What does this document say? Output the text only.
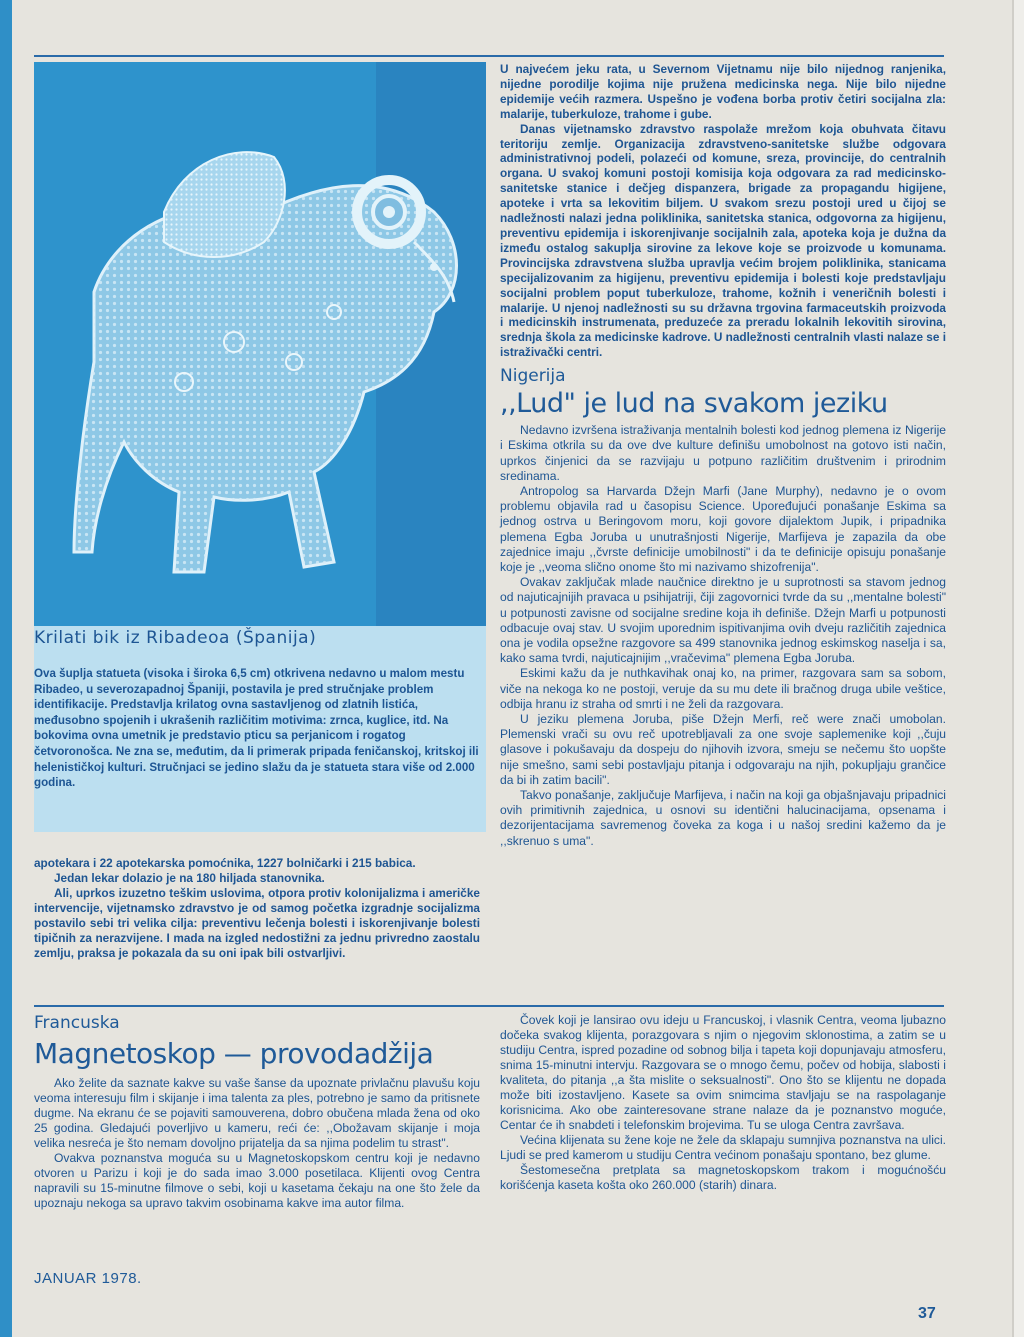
Krilati bik iz Ribadeoa (Španija)
Ova šuplja statueta (visoka i široka 6,5 cm) otkrivena nedavno u malom mestu Ribadeo, u severozapadnoj Španiji, postavila je pred stručnjake problem identifikacije. Predstavlja krilatog ovna sastavljenog od zlatnih listića, međusobno spojenih i ukrašenih različitim motivima: zrnca, kuglice, itd. Na bokovima ovna umetnik je predstavio pticu sa perjanicom i rogatog četvoronošca. Ne zna se, međutim, da li primerak pripada feničanskoj, kritskoj ili helenističkoj kulturi. Stručnjaci se jedino slažu da je statueta stara više od 2.000 godina.

U najvećem jeku rata, u Severnom Vijetnamu nije bilo nijednog ranjenika, nijedne porodilje kojima nije pružena medicinska nega. Nije bilo nijedne epidemije većih razmera. Uspešno je vođena borba protiv četiri socijalna zla: malarije, tuberkuloze, trahome i gube.

Danas vijetnamsko zdravstvo raspolaže mrežom koja obuhvata čitavu teritoriju zemlje. Organizacija zdravstveno-sanitetske službe odgovara administrativnoj podeli, polazeći od komune, sreza, provincije, do centralnih organa. U svakoj komuni postoji komisija koja odgovara za rad medicinsko-sanitetske stanice i dečjeg dispanzera, brigade za propagandu higijene, apoteke i vrta sa lekovitim biljem. U svakom srezu postoji ured u čijoj se nadležnosti nalazi jedna poliklinika, sanitetska stanica, odgovorna za higijenu, preventivu epidemija i iskorenjivanje socijalnih zala, apoteka koja je dužna da između ostalog sakuplja sirovine za lekove koje se proizvode u komunama. Provincijska zdravstvena služba upravlja većim brojem poliklinika, stanicama specijalizovanim za higijenu, preventivu epidemija i bolesti koje predstavljaju socijalni problem poput tuberkuloze, trahome, kožnih i veneričnih bolesti i malarije. U njenoj nadležnosti su su državna trgovina farmaceutskih proizvoda i medicinskih instrumenata, preduzeće za preradu lokalnih lekovitih sirovina, srednja škola za medicinske kadrove. U nadležnosti centralnih vlasti nalaze se i istraživački centri.

Nigerija
,,Lud" je lud na svakom jeziku

Nedavno izvršena istraživanja mentalnih bolesti kod jednog plemena iz Nigerije i Eskima otkrila su da ove dve kulture definišu umobolnost na gotovo isti način, uprkos činjenici da se razvijaju u potpuno različitim društvenim i prirodnim sredinama.

Antropolog sa Harvarda Džejn Marfi (Jane Murphy), nedavno je o ovom problemu objavila rad u časopisu Science. Upoređujući ponašanje Eskima sa jednog ostrva u Beringovom moru, koji govore dijalektom Jupik, i pripadnika plemena Egba Joruba u unutrašnjosti Nigerije, Marfijeva je zapazila da obe zajednice imaju ,,čvrste definicije umobilnosti" i da te definicije opisuju ponašanje koje je ,,veoma slično onome što mi nazivamo shizofrenija".

Ovakav zaključak mlade naučnice direktno je u suprotnosti sa stavom jednog od najuticajnijih pravaca u psihijatriji, čiji zagovornici tvrde da su ,,mentalne bolesti" u potpunosti zavisne od socijalne sredine koja ih definiše. Džejn Marfi u potpunosti odbacuje ovaj stav. U svojim uporednim ispitivanjima ovih dveju različitih zajednica ona je vodila opsežne razgovore sa 499 stanovnika jednog eskimskog naselja i sa, kako sama tvrdi, najuticajnijim ,,vračevima" plemena Egba Joruba.

Eskimi kažu da je nuthkavihak onaj ko, na primer, razgovara sam sa sobom, viče na nekoga ko ne postoji, veruje da su mu dete ili bračnog druga ubile veštice, odbija hranu iz straha od smrti i ne želi da razgovara.

U jeziku plemena Joruba, piše Džejn Merfi, reč were znači umobolan. Plemenski vrači su ovu reč upotrebljavali za one svoje saplemenike koji ,,čuju glasove i pokušavaju da dospeju do njihovih izvora, smeju se nečemu što uopšte nije smešno, sami sebi postavljaju pitanja i odgovaraju na njih, pokupljaju grančice da bi ih zatim bacili".

Takvo ponašanje, zaključuje Marfijeva, i način na koji ga objašnjavaju pripadnici ovih primitivnih zajednica, u osnovi su identični halucinacijama, opsenama i dezorijentacijama savremenog čoveka za koga i u našoj sredini kažemo da je ,,skrenuo s uma".

apotekara i 22 apotekarska pomoćnika, 1227 bolničarki i 215 babica.

Jedan lekar dolazio je na 180 hiljada stanovnika.

Ali, uprkos izuzetno teškim uslovima, otpora protiv kolonijalizma i američke intervencije, vijetnamsko zdravstvo je od samog početka izgradnje socijalizma postavilo sebi tri velika cilja: preventivu lečenja bolesti i iskorenjivanje bolesti tipičnih za nerazvijene. I mada na izgled nedostižni za jednu privredno zaostalu zemlju, praksa je pokazala da su oni ipak bili ostvarljivi.

Francuska
Magnetoskop — provodadžija

Ako želite da saznate kakve su vaše šanse da upoznate privlačnu plavušu koju veoma interesuju film i skijanje i ima talenta za ples, potrebno je samo da pritisnete dugme. Na ekranu će se pojaviti samouverena, dobro obučena mlada žena od oko 25 godina. Gledajući poverljivo u kameru, reći će: ,,Obožavam skijanje i moja velika nesreća je što nemam dovoljno prijatelja da sa njima podelim tu strast".

Ovakva poznanstva moguća su u Magnetoskopskom centru koji je nedavno otvoren u Parizu i koji je do sada imao 3.000 posetilaca. Klijenti ovog Centra napravili su 15-minutne filmove o sebi, koji u kasetama čekaju na one što žele da upoznaju nekoga sa upravo takvim osobinama kakve ima autor filma.

Čovek koji je lansirao ovu ideju u Francuskoj, i vlasnik Centra, veoma ljubazno dočeka svakog klijenta, porazgovara s njim o njegovim sklonostima, a zatim se u studiju Centra, ispred pozadine od sobnog bilja i tapeta koji dopunjavaju atmosferu, snima 15-minutni intervju. Razgovara se o mnogo čemu, počev od hobija, slabosti i kvaliteta, do pitanja ,,a šta mislite o seksualnosti". Ono što se klijentu ne dopada može biti izostavljeno. Kasete sa ovim snimcima stavljaju se na raspolaganje korisnicima. Ako obe zainteresovane strane nalaze da je poznanstvo moguće, Centar će ih snabdeti i telefonskim brojevima. Tu se uloga Centra završava.

Većina klijenata su žene koje ne žele da sklapaju sumnjiva poznanstva na ulici. Ljudi se pred kamerom u studiju Centra većinom ponašaju spontano, bez glume.

Šestomesečna pretplata sa magnetoskopskom trakom i mogućnošću korišćenja kaseta košta oko 260.000 (starih) dinara.

JANUAR 1978.
37
